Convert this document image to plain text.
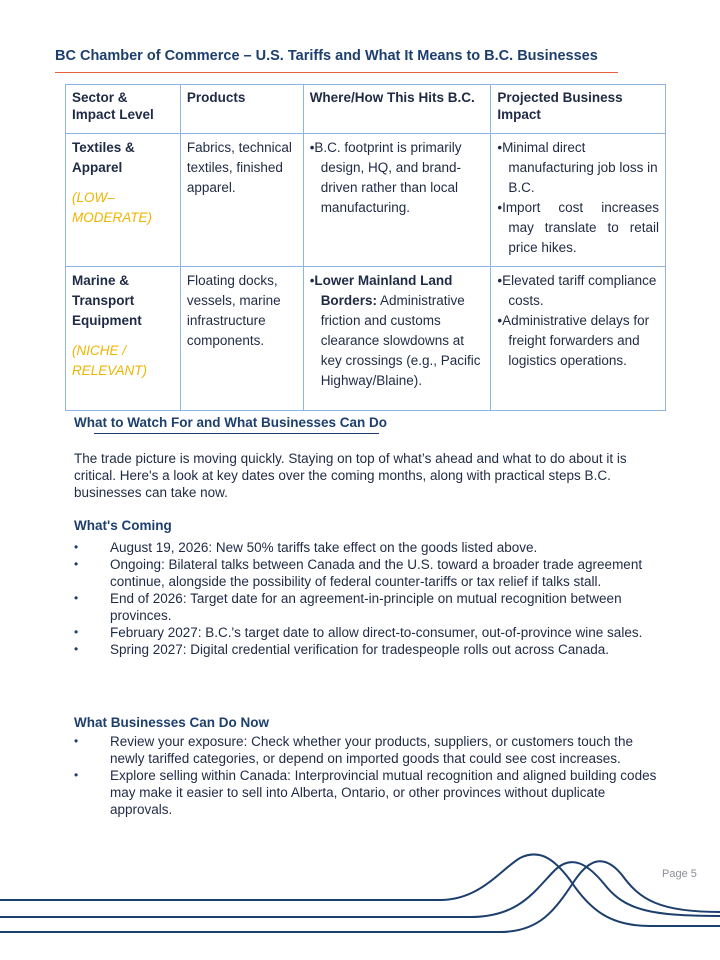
BC Chamber of Commerce – U.S. Tariffs and What It Means to B.C. Businesses
Sector & Impact Level	Products	Where/How This Hits B.C.	Projected Business Impact

Textiles & Apparel
(LOW–MODERATE)	Fabrics, technical textiles, finished apparel.	•B.C. footprint is primarily design, HQ, and brand-driven rather than local manufacturing.	•Minimal direct manufacturing job loss in B.C.
•Import cost increases may translate to retail price hikes.

Marine & Transport Equipment
(NICHE / RELEVANT)	Floating docks, vessels, marine infrastructure components.	•Lower Mainland Land Borders: Administrative friction and customs clearance slowdowns at key crossings (e.g., Pacific Highway/Blaine).	•Elevated tariff compliance costs.
•Administrative delays for freight forwarders and logistics operations.
What to Watch For and What Businesses Can Do
The trade picture is moving quickly. Staying on top of what’s ahead and what to do about it is critical. Here's a look at key dates over the coming months, along with practical steps B.C. businesses can take now.
What's Coming
• August 19, 2026: New 50% tariffs take effect on the goods listed above.
• Ongoing: Bilateral talks between Canada and the U.S. toward a broader trade agreement continue, alongside the possibility of federal counter-tariffs or tax relief if talks stall.
• End of 2026: Target date for an agreement-in-principle on mutual recognition between provinces.
• February 2027: B.C.'s target date to allow direct-to-consumer, out-of-province wine sales.
• Spring 2027: Digital credential verification for tradespeople rolls out across Canada.
What Businesses Can Do Now
• Review your exposure: Check whether your products, suppliers, or customers touch the newly tariffed categories, or depend on imported goods that could see cost increases.
• Explore selling within Canada: Interprovincial mutual recognition and aligned building codes may make it easier to sell into Alberta, Ontario, or other provinces without duplicate approvals.
Page 5
